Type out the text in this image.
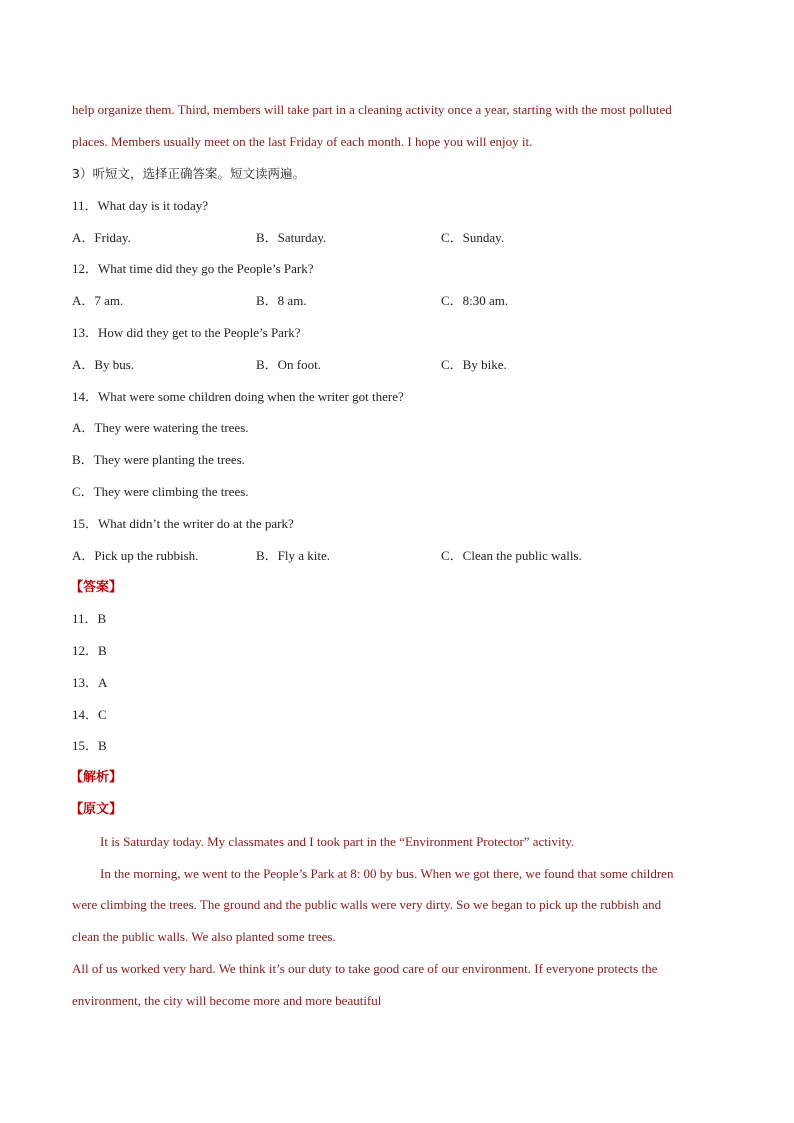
help organize them. Third, members will take part in a cleaning activity once a year, starting with the most polluted
places. Members usually meet on the last Friday of each month. I hope you will enjoy it.
3）听短文，选择正确答案。短文读两遍。
11．What day is it today?
A．Friday.	B．Saturday.	C．Sunday.
12．What time did they go the People’s Park?
A．7 am.	B．8 am.	C．8:30 am.
13．How did they get to the People’s Park?
A．By bus.	B．On foot.	C．By bike.
14．What were some children doing when the writer got there?
A．They were watering the trees.
B．They were planting the trees.
C．They were climbing the trees.
15．What didn’t the writer do at the park?
A．Pick up the rubbish.	B．Fly a kite.	C．Clean the public walls.
【答案】
11．B
12．B
13．A
14．C
15．B
【解析】
【原文】
It is Saturday today. My classmates and I took part in the “Environment Protector” activity.
In the morning, we went to the People’s Park at 8: 00 by bus. When we got there, we found that some children
were climbing the trees. The ground and the public walls were very dirty. So we began to pick up the rubbish and
clean the public walls. We also planted some trees.
All of us worked very hard. We think it’s our duty to take good care of our environment. If everyone protects the
environment, the city will become more and more beautiful
